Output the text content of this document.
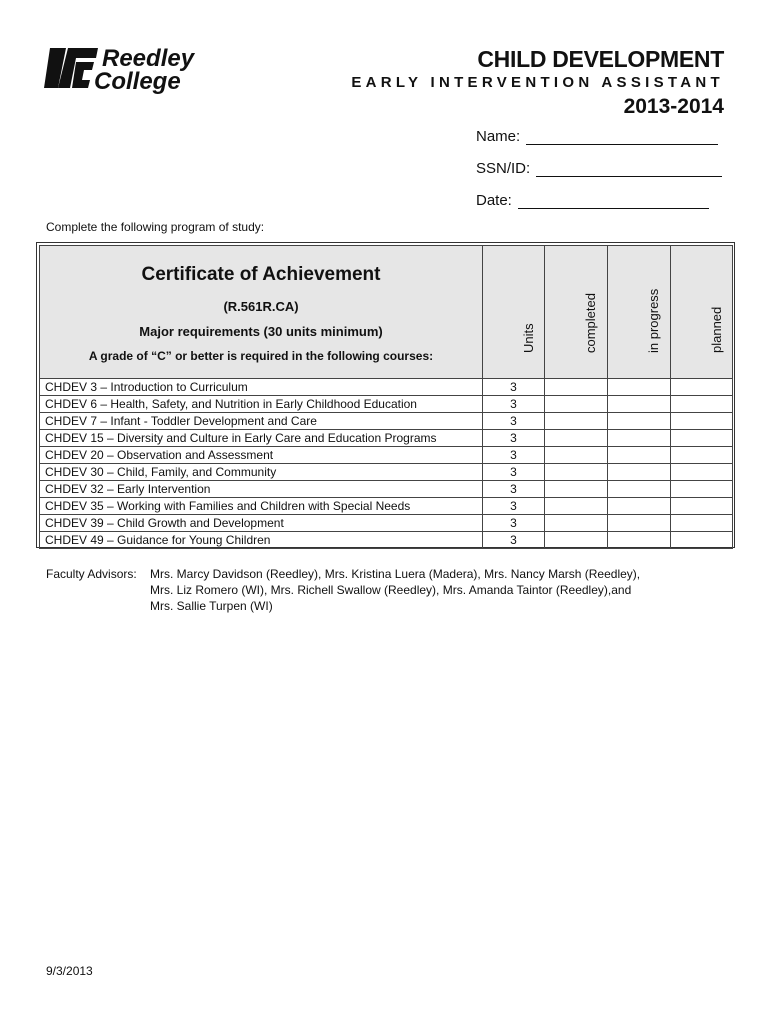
Reedley
College
CHILD DEVELOPMENT
EARLY INTERVENTION ASSISTANT
2013-2014
Name:
SSN/ID:
Date:
Complete the following program of study:
Certificate of Achievement
(R.561R.CA)
Major requirements (30 units minimum)
A grade of “C” or better is required in the following courses:	Units	completed	in progress	planned

CHDEV 3 – Introduction to Curriculum	3			
CHDEV 6 – Health, Safety, and Nutrition in Early Childhood Education	3			
CHDEV 7 – Infant - Toddler Development and Care	3			
CHDEV 15 – Diversity and Culture in Early Care and Education Programs	3			
CHDEV 20 – Observation and Assessment	3			
CHDEV 30 – Child, Family, and Community	3			
CHDEV 32 – Early Intervention	3			
CHDEV 35 – Working with Families and Children with Special Needs	3			
CHDEV 39 – Child Growth and Development	3			
CHDEV 49 – Guidance for Young Children	3			
Faculty Advisors: Mrs. Marcy Davidson (Reedley), Mrs. Kristina Luera (Madera), Mrs. Nancy Marsh (Reedley),
Mrs. Liz Romero (WI), Mrs. Richell Swallow (Reedley), Mrs. Amanda Taintor (Reedley),and
Mrs. Sallie Turpen (WI)
9/3/2013
